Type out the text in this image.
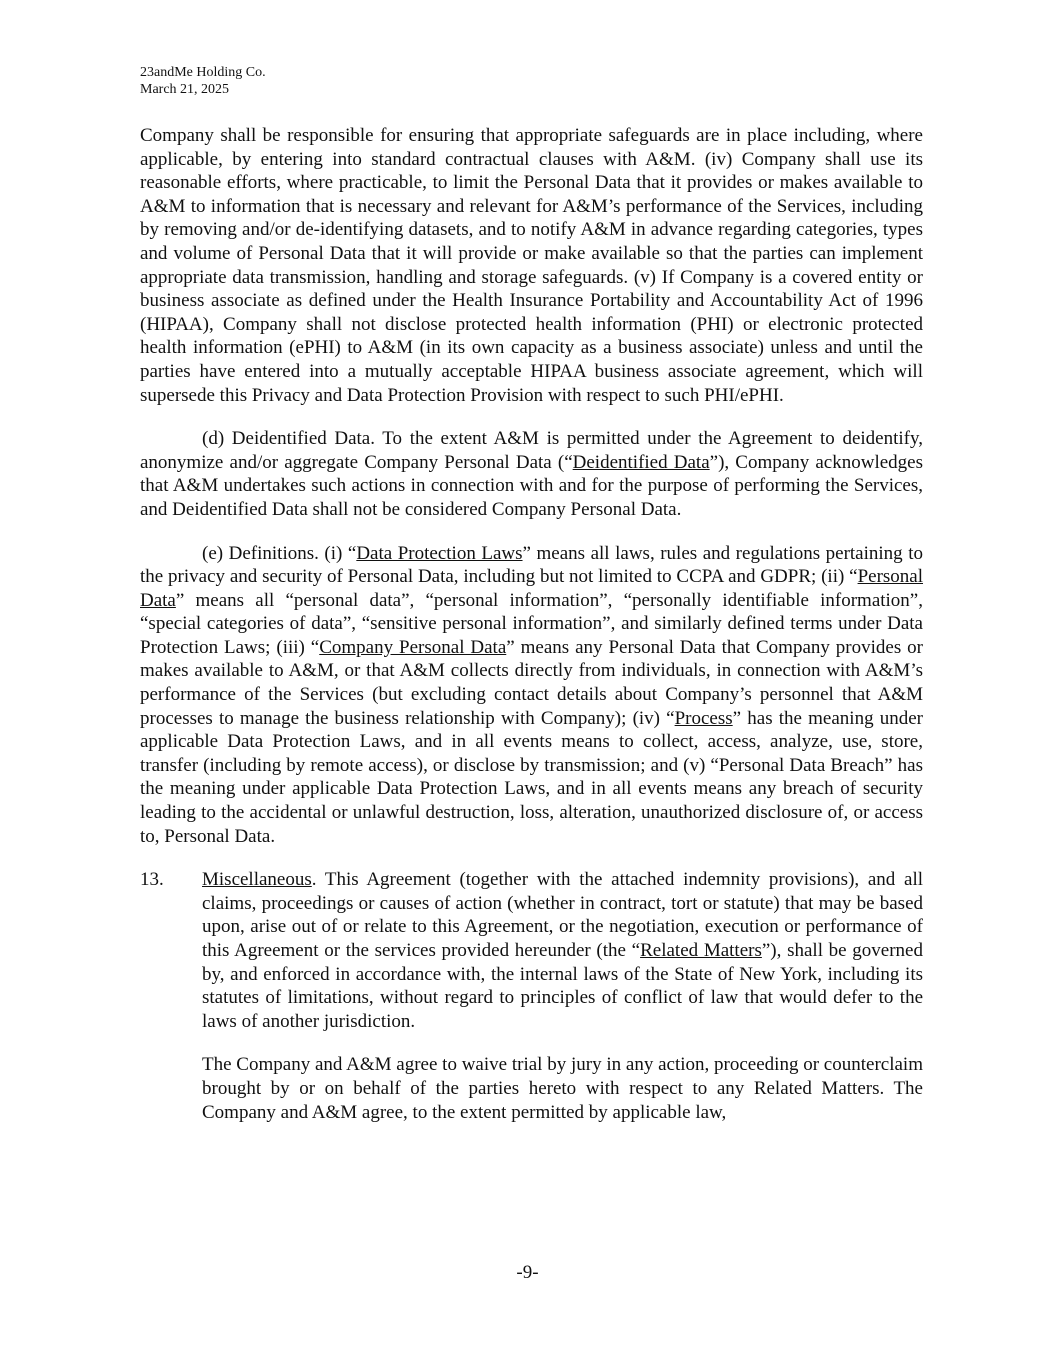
23andMe Holding Co.
March 21, 2025

Company shall be responsible for ensuring that appropriate safeguards are in place including, where applicable, by entering into standard contractual clauses with A&M. (iv) Company shall use its reasonable efforts, where practicable, to limit the Personal Data that it provides or makes available to A&M to information that is necessary and relevant for A&M’s performance of the Services, including by removing and/or de-identifying datasets, and to notify A&M in advance regarding categories, types and volume of Personal Data that it will provide or make available so that the parties can implement appropriate data transmission, handling and storage safeguards. (v) If Company is a covered entity or business associate as defined under the Health Insurance Portability and Accountability Act of 1996 (HIPAA), Company shall not disclose protected health information (PHI) or electronic protected health information (ePHI) to A&M (in its own capacity as a business associate) unless and until the parties have entered into a mutually acceptable HIPAA business associate agreement, which will supersede this Privacy and Data Protection Provision with respect to such PHI/ePHI.

(d) Deidentified Data. To the extent A&M is permitted under the Agreement to deidentify, anonymize and/or aggregate Company Personal Data (“Deidentified Data”), Company acknowledges that A&M undertakes such actions in connection with and for the purpose of performing the Services, and Deidentified Data shall not be considered Company Personal Data.

(e) Definitions. (i) “Data Protection Laws” means all laws, rules and regulations pertaining to the privacy and security of Personal Data, including but not limited to CCPA and GDPR; (ii) “Personal Data” means all “personal data”, “personal information”, “personally identifiable information”, “special categories of data”, “sensitive personal information”, and similarly defined terms under Data Protection Laws; (iii) “Company Personal Data” means any Personal Data that Company provides or makes available to A&M, or that A&M collects directly from individuals, in connection with A&M’s performance of the Services (but excluding contact details about Company’s personnel that A&M processes to manage the business relationship with Company); (iv) “Process” has the meaning under applicable Data Protection Laws, and in all events means to collect, access, analyze, use, store, transfer (including by remote access), or disclose by transmission; and (v) “Personal Data Breach” has the meaning under applicable Data Protection Laws, and in all events means any breach of security leading to the accidental or unlawful destruction, loss, alteration, unauthorized disclosure of, or access to, Personal Data.

13.	Miscellaneous. This Agreement (together with the attached indemnity provisions), and all claims, proceedings or causes of action (whether in contract, tort or statute) that may be based upon, arise out of or relate to this Agreement, or the negotiation, execution or performance of this Agreement or the services provided hereunder (the “Related Matters”), shall be governed by, and enforced in accordance with, the internal laws of the State of New York, including its statutes of limitations, without regard to principles of conflict of law that would defer to the laws of another jurisdiction.

The Company and A&M agree to waive trial by jury in any action, proceeding or counterclaim brought by or on behalf of the parties hereto with respect to any Related Matters. The Company and A&M agree, to the extent permitted by applicable law,

-9-
